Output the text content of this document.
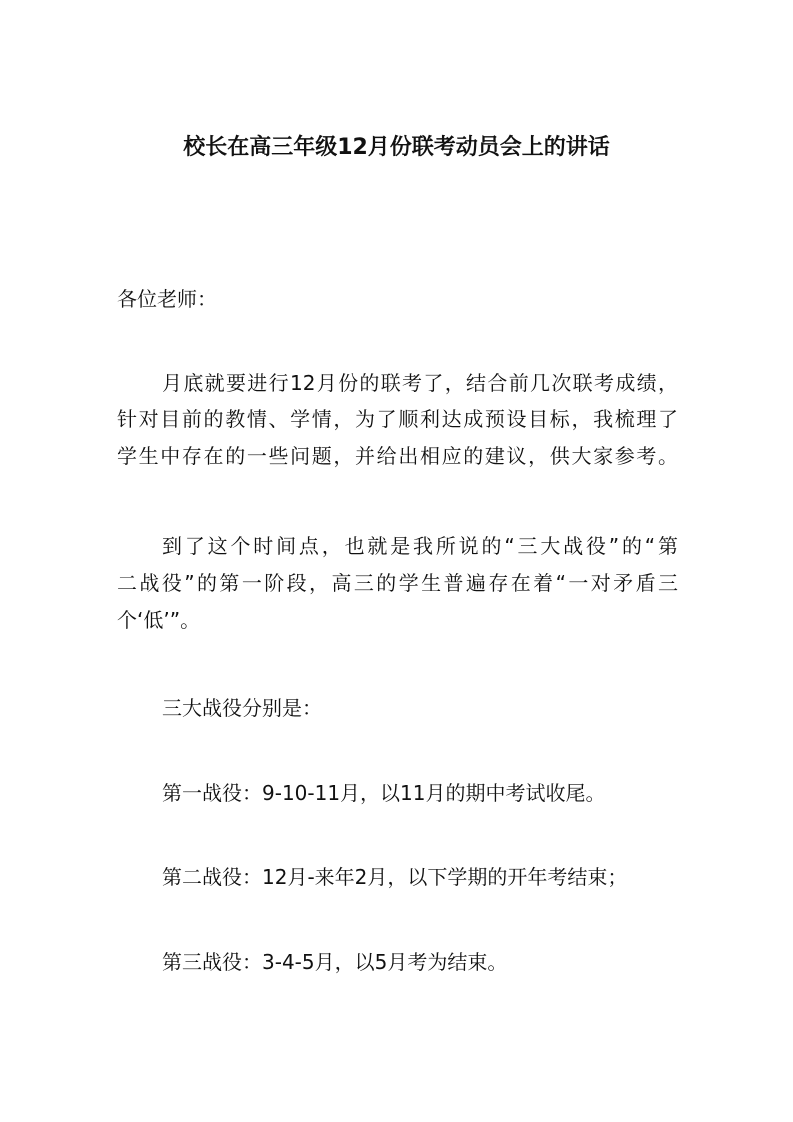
校长在高三年级12月份联考动员会上的讲话
各位老师：
月底就要进行12月份的联考了，结合前几次联考成绩，
针对目前的教情、学情，为了顺利达成预设目标，我梳理了
学生中存在的一些问题，并给出相应的建议，供大家参考。
到了这个时间点，也就是我所说的“三大战役”的“第
二战役”的第一阶段，高三的学生普遍存在着“一对矛盾三
个‘低’”。
三大战役分别是：
第一战役：9-10-11月，以11月的期中考试收尾。
第二战役：12月-来年2月，以下学期的开年考结束；
第三战役：3-4-5月，以5月考为结束。
